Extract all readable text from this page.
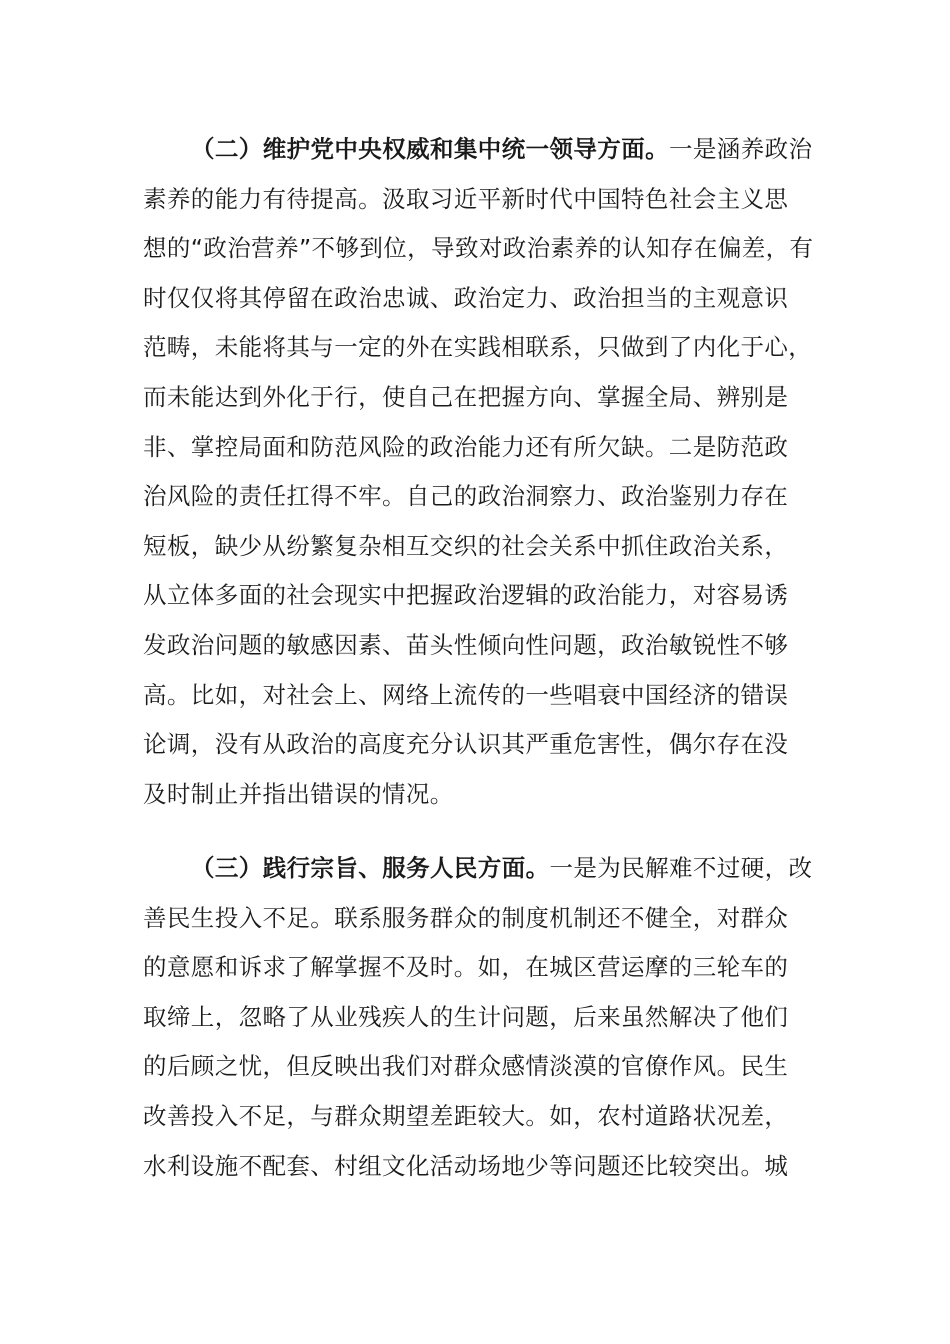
（二）维护党中央权威和集中统一领导方面。一是涵养政治
素养的能力有待提高。汲取习近平新时代中国特色社会主义思
想的“政治营养”不够到位，导致对政治素养的认知存在偏差，有
时仅仅将其停留在政治忠诚、政治定力、政治担当的主观意识
范畴，未能将其与一定的外在实践相联系，只做到了内化于心，
而未能达到外化于行，使自己在把握方向、掌握全局、辨别是
非、掌控局面和防范风险的政治能力还有所欠缺。二是防范政
治风险的责任扛得不牢。自己的政治洞察力、政治鉴别力存在
短板，缺少从纷繁复杂相互交织的社会关系中抓住政治关系，
从立体多面的社会现实中把握政治逻辑的政治能力，对容易诱
发政治问题的敏感因素、苗头性倾向性问题，政治敏锐性不够
高。比如，对社会上、网络上流传的一些唱衰中国经济的错误
论调，没有从政治的高度充分认识其严重危害性，偶尔存在没
及时制止并指出错误的情况。
（三）践行宗旨、服务人民方面。一是为民解难不过硬，改
善民生投入不足。联系服务群众的制度机制还不健全，对群众
的意愿和诉求了解掌握不及时。如，在城区营运摩的三轮车的
取缔上，忽略了从业残疾人的生计问题，后来虽然解决了他们
的后顾之忧，但反映出我们对群众感情淡漠的官僚作风。民生
改善投入不足，与群众期望差距较大。如，农村道路状况差，
水利设施不配套、村组文化活动场地少等问题还比较突出。城
